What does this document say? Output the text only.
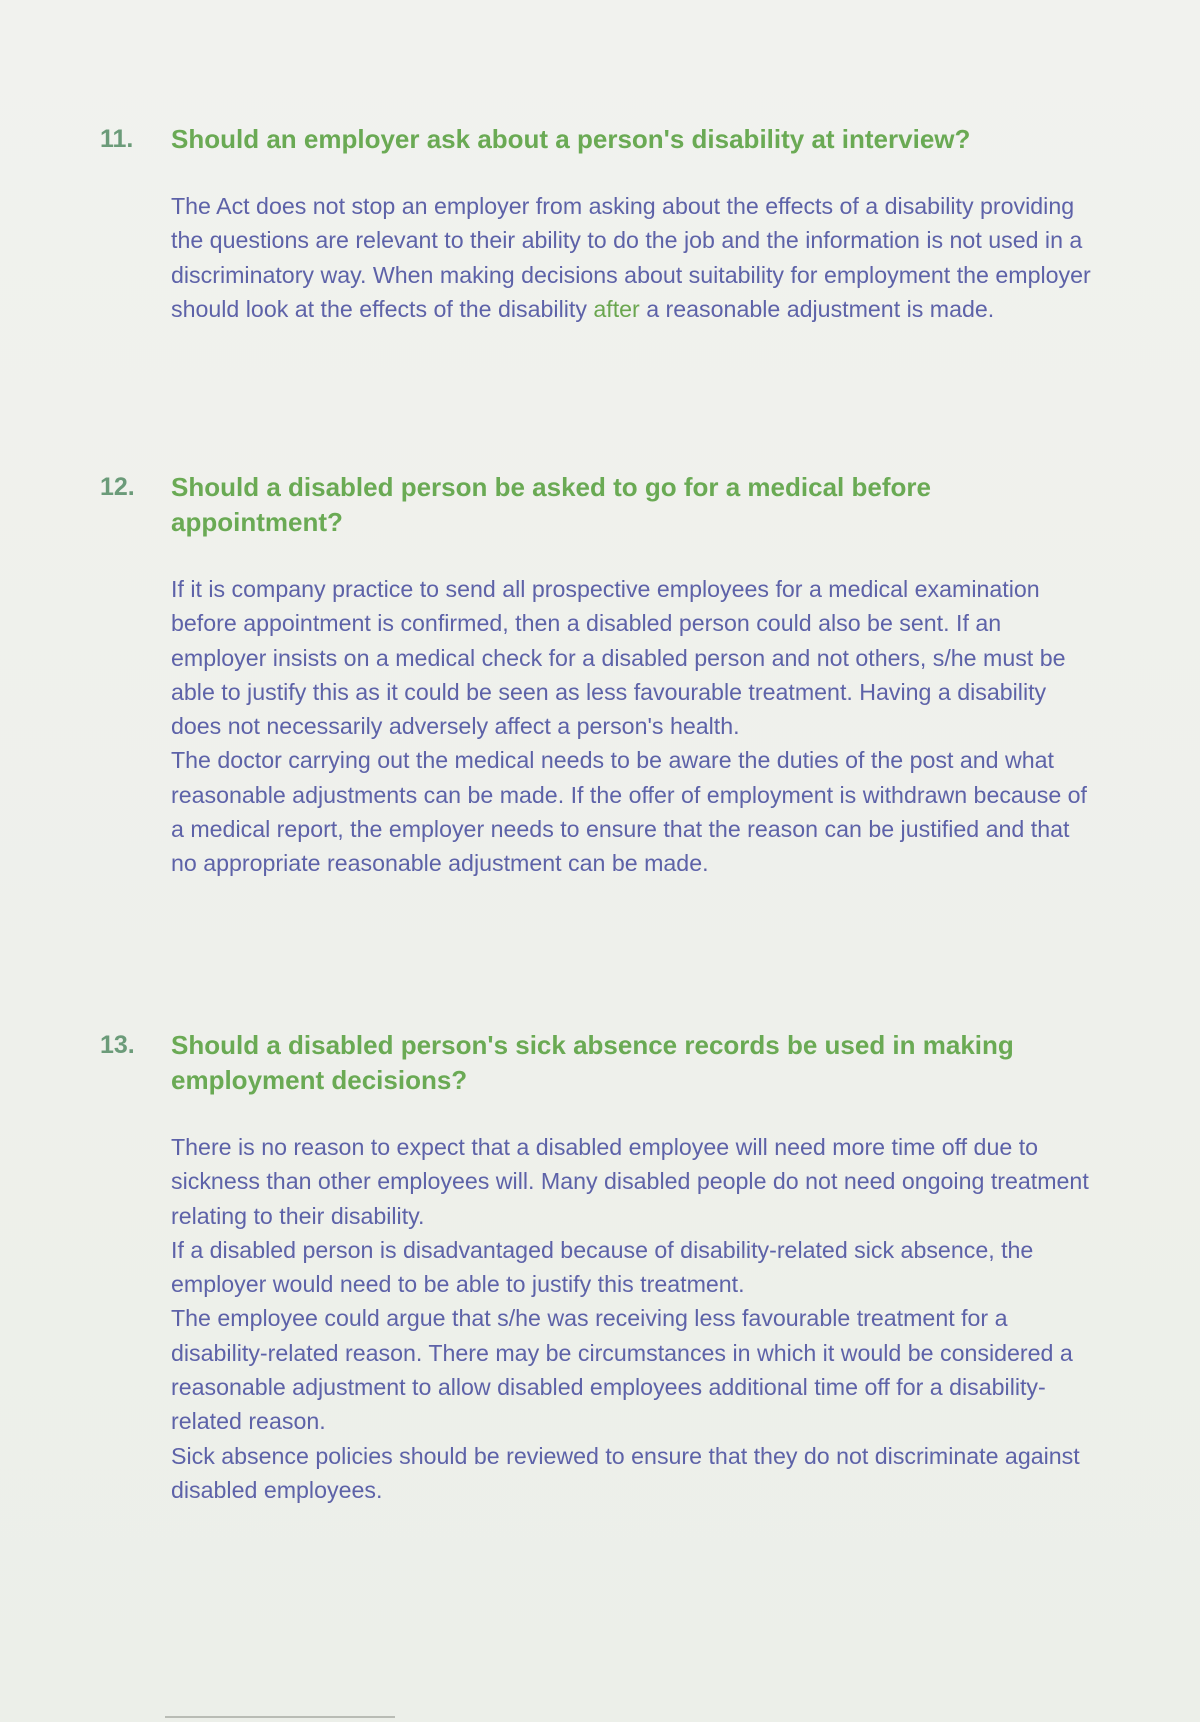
11.	Should an employer ask about a person's disability at interview?

The Act does not stop an employer from asking about the effects of a disability providing the questions are relevant to their ability to do the job and the information is not used in a discriminatory way. When making decisions about suitability for employment the employer should look at the effects of the disability after a reasonable adjustment is made.

12.	Should a disabled person be asked to go for a medical before appointment?

If it is company practice to send all prospective employees for a medical examination before appointment is confirmed, then a disabled person could also be sent. If an employer insists on a medical check for a disabled person and not others, s/he must be able to justify this as it could be seen as less favourable treatment. Having a disability does not necessarily adversely affect a person's health.

The doctor carrying out the medical needs to be aware the duties of the post and what reasonable adjustments can be made. If the offer of employment is withdrawn because of a medical report, the employer needs to ensure that the reason can be justified and that no appropriate reasonable adjustment can be made.

13.	Should a disabled person's sick absence records be used in making employment decisions?

There is no reason to expect that a disabled employee will need more time off due to sickness than other employees will. Many disabled people do not need ongoing treatment relating to their disability.

If a disabled person is disadvantaged because of disability-related sick absence, the employer would need to be able to justify this treatment.

The employee could argue that s/he was receiving less favourable treatment for a disability-related reason. There may be circumstances in which it would be considered a reasonable adjustment to allow disabled employees additional time off for a disability-related reason.

Sick absence policies should be reviewed to ensure that they do not discriminate against disabled employees.
